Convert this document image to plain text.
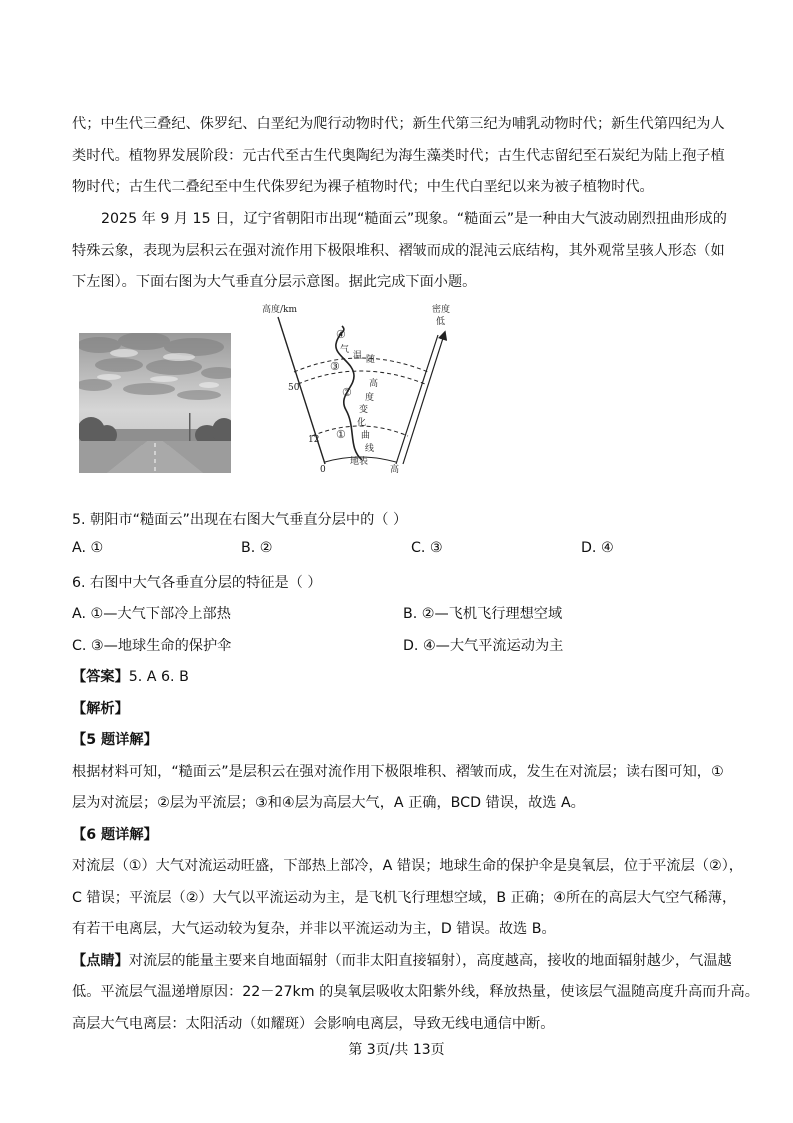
代；中生代三叠纪、侏罗纪、白垩纪为爬行动物时代；新生代第三纪为哺乳动物时代；新生代第四纪为人
类时代。植物界发展阶段：元古代至古生代奥陶纪为海生藻类时代；古生代志留纪至石炭纪为陆上孢子植
物时代；古生代二叠纪至中生代侏罗纪为裸子植物时代；中生代白垩纪以来为被子植物时代。
2025 年 9 月 15 日，辽宁省朝阳市出现“糙面云”现象。“糙面云”是一种由大气波动剧烈扭曲形成的
特殊云象，表现为层积云在强对流作用下极限堆积、褶皱而成的混沌云底结构，其外观常呈骇人形态（如
下左图）。下面右图为大气垂直分层示意图。据此完成下面小题。
高度/km	密度
低
高
50
12
0
地表
①
②
③
④
气
温 随
高
度
变
化
曲
线
5. 朝阳市“糙面云”出现在右图大气垂直分层中的（ ）
A. ①	B. ②	C. ③	D. ④
6. 右图中大气各垂直分层的特征是（ ）
A. ①—大气下部冷上部热	B. ②—飞机飞行理想空域
C. ③—地球生命的保护伞	D. ④—大气平流运动为主
【答案】5. A 6. B
【解析】
【5 题详解】
根据材料可知，“糙面云”是层积云在强对流作用下极限堆积、褶皱而成，发生在对流层；读右图可知，①
层为对流层；②层为平流层；③和④层为高层大气，A 正确，BCD 错误，故选 A。
【6 题详解】
对流层（①）大气对流运动旺盛，下部热上部冷，A 错误；地球生命的保护伞是臭氧层，位于平流层（②），
C 错误；平流层（②）大气以平流运动为主，是飞机飞行理想空域，B 正确；④所在的高层大气空气稀薄，
有若干电离层，大气运动较为复杂，并非以平流运动为主，D 错误。故选 B。
【点睛】对流层的能量主要来自地面辐射（而非太阳直接辐射），高度越高，接收的地面辐射越少，气温越
低。平流层气温递增原因：22－27km 的臭氧层吸收太阳紫外线，释放热量，使该层气温随高度升高而升高。
高层大气电离层：太阳活动（如耀斑）会影响电离层，导致无线电通信中断。
第 3页/共 13页
